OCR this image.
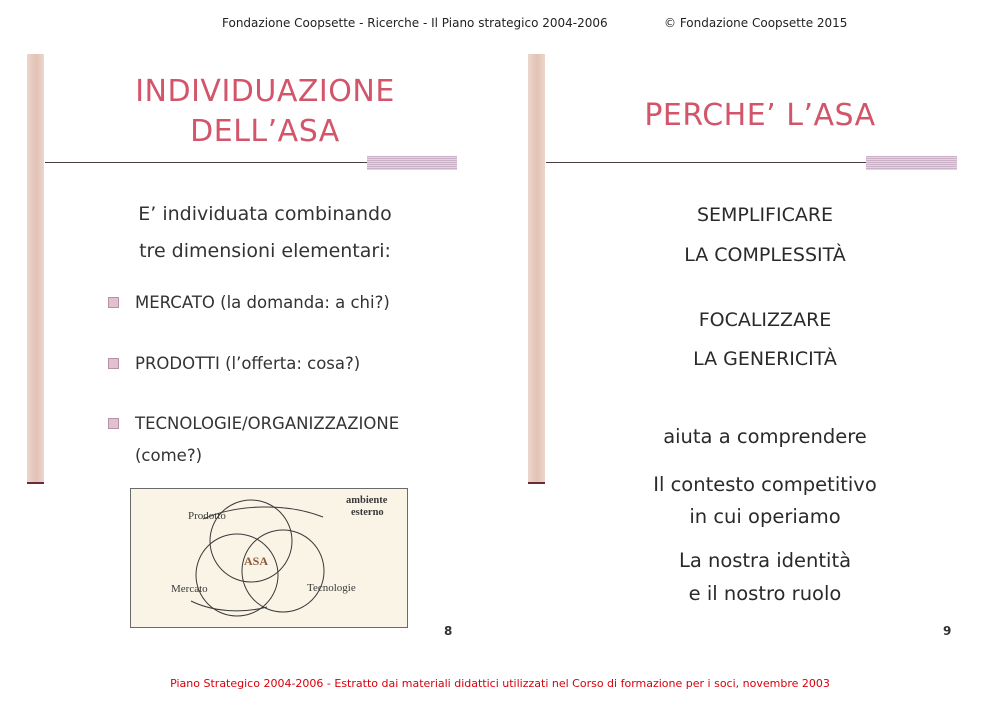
Fondazione Coopsette - Ricerche - Il Piano strategico 2004-2006	© Fondazione Coopsette 2015
INDIVIDUAZIONE
DELL’ASA
E’ individuata combinando
tre dimensioni elementari:
MERCATO (la domanda: a chi?)
PRODOTTI (l’offerta: cosa?)
TECNOLOGIE/ORGANIZZAZIONE
(come?)
ambiente
esterno
Prodotto
Mercato	Tecnologie
ASA
8
PERCHE’ L’ASA
SEMPLIFICARE
LA COMPLESSITÀ
FOCALIZZARE
LA GENERICITÀ
aiuta a comprendere
Il contesto competitivo
in cui operiamo
La nostra identità
e il nostro ruolo
9
Piano Strategico 2004-2006 - Estratto dai materiali didattici utilizzati nel Corso di formazione per i soci, novembre 2003
